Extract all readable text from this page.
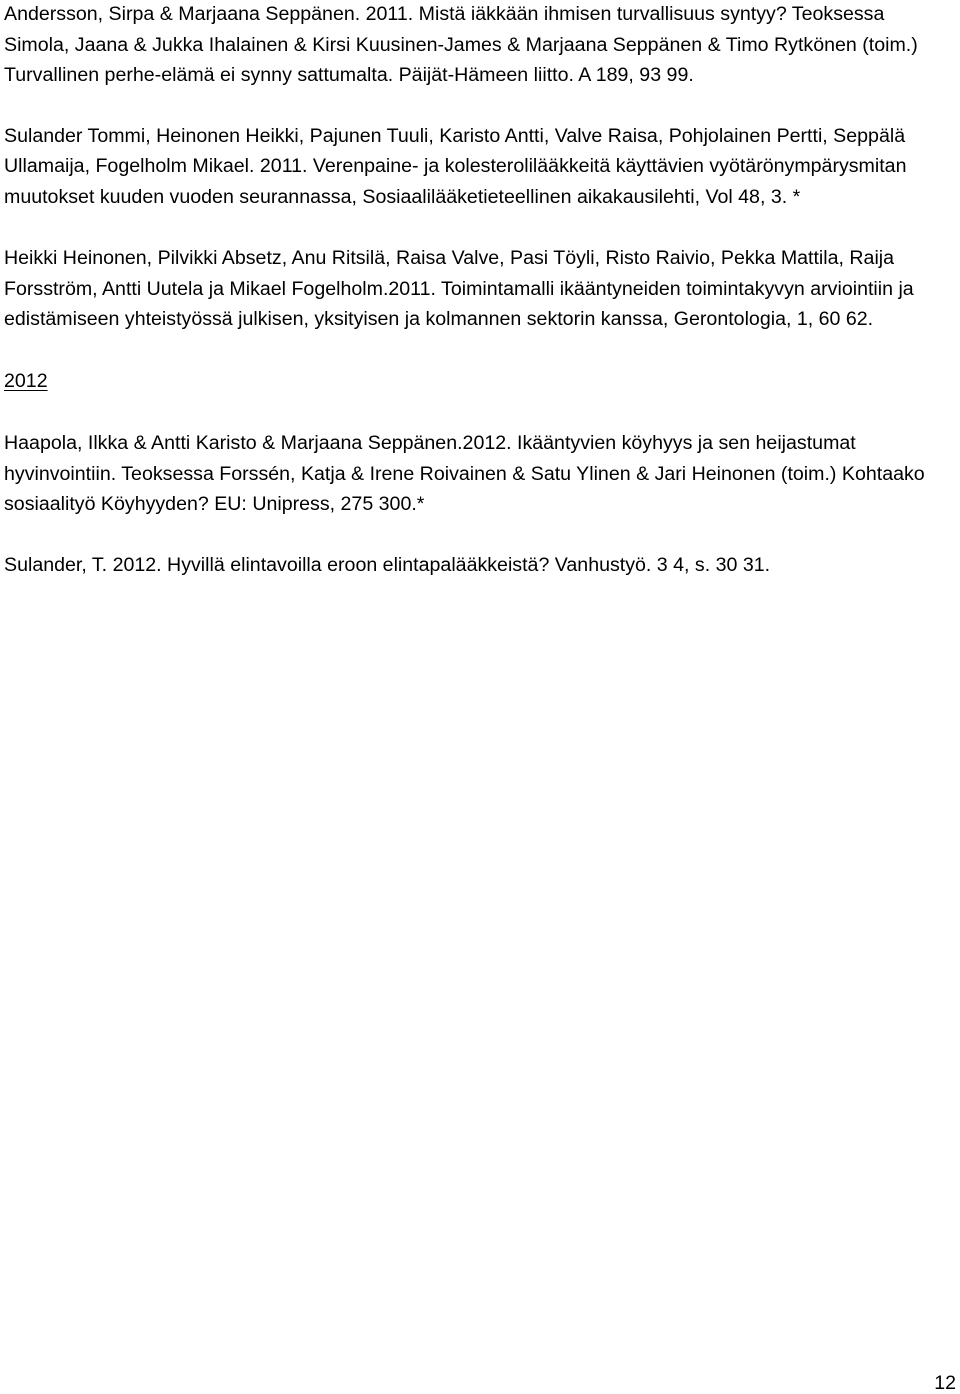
Andersson, Sirpa & Marjaana Seppänen. 2011. Mistä iäkkään ihmisen turvallisuus syntyy? Teoksessa Simola, Jaana & Jukka Ihalainen & Kirsi Kuusinen-James & Marjaana Seppänen & Timo Rytkönen (toim.) Turvallinen perhe-elämä ei synny sattumalta. Päijät-Hämeen liitto. A 189, 93 99.

Sulander Tommi, Heinonen Heikki, Pajunen Tuuli, Karisto Antti, Valve Raisa, Pohjolainen Pertti, Seppälä Ullamaija, Fogelholm Mikael. 2011. Verenpaine- ja kolesterolilääkkeitä käyttävien vyötärönympärysmitan muutokset kuuden vuoden seurannassa, Sosiaalilääketieteellinen aikakausilehti, Vol 48, 3. *

Heikki Heinonen, Pilvikki Absetz, Anu Ritsilä, Raisa Valve, Pasi Töyli, Risto Raivio, Pekka Mattila, Raija Forsström, Antti Uutela ja Mikael Fogelholm.2011. Toimintamalli ikääntyneiden toimintakyvyn arviointiin ja edistämiseen yhteistyössä julkisen, yksityisen ja kolmannen sektorin kanssa, Gerontologia, 1, 60 62.

2012

Haapola, Ilkka & Antti Karisto & Marjaana Seppänen.2012. Ikääntyvien köyhyys ja sen heijastumat hyvinvointiin. Teoksessa Forssén, Katja & Irene Roivainen & Satu Ylinen & Jari Heinonen (toim.) Kohtaako sosiaalityö Köyhyyden? EU: Unipress, 275 300.*

Sulander, T. 2012. Hyvillä elintavoilla eroon elintapalääkkeistä? Vanhustyö. 3 4, s. 30 31.

12
